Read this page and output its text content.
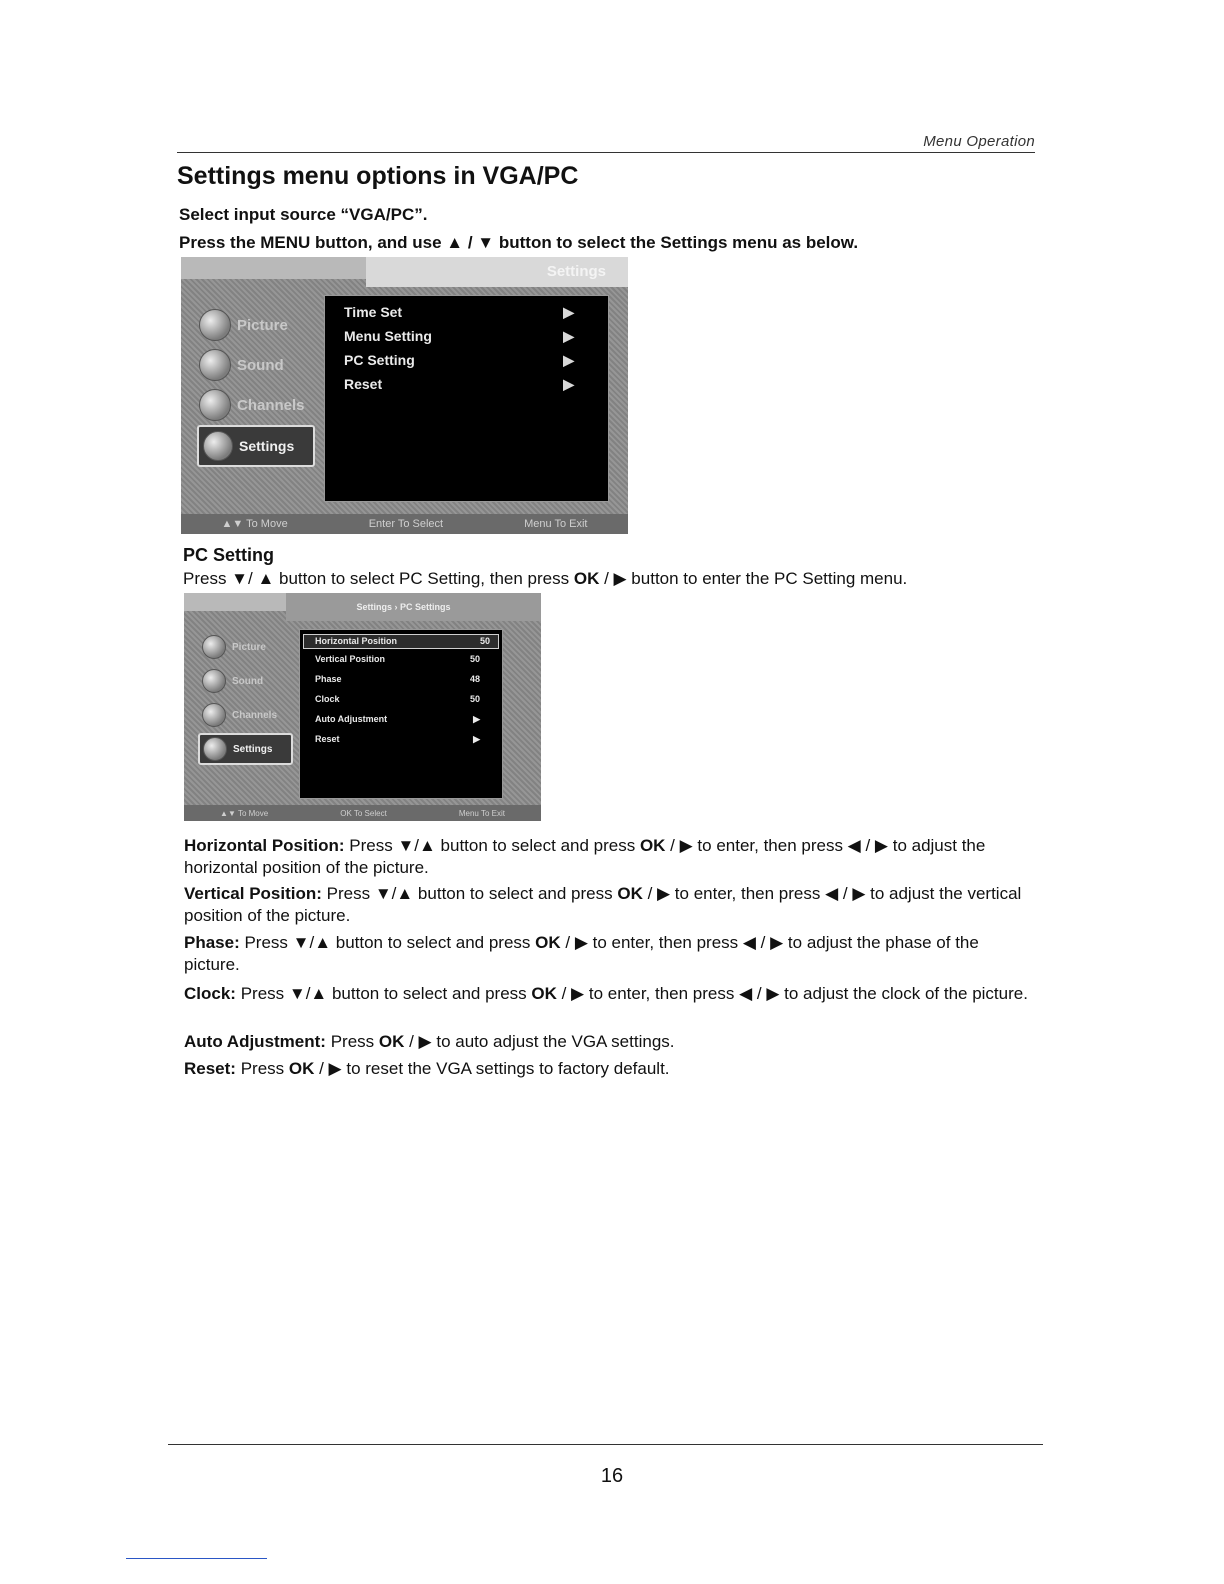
Menu Operation
Settings menu options in VGA/PC
Select input source “VGA/PC”.
Press the MENU button, and use ▲ / ▼ button to select the Settings menu as below.
Settings
Picture
Sound
Channels
Settings
Time Set	▶
Menu Setting	▶
PC Setting	▶
Reset	▶
▲▼ To Move	Enter To Select	Menu To Exit
PC Setting
Press ▼/ ▲ button to select PC Setting, then press OK / ▶ button to enter the PC Setting menu.
Settings › PC Settings
Picture
Sound
Channels
Settings
Horizontal Position	50
Vertical Position	50
Phase	48
Clock	50
Auto Adjustment	▶
Reset	▶
▲▼ To Move	OK To Select	Menu To Exit
Horizontal Position: Press ▼/▲ button to select and press OK / ▶ to enter, then press ◀ / ▶ to adjust the horizontal position of the picture.
Vertical Position: Press ▼/▲ button to select and press OK / ▶ to enter, then press ◀ / ▶ to adjust the vertical position of the picture.
Phase: Press ▼/▲ button to select and press OK / ▶ to enter, then press ◀ / ▶ to adjust the phase of the picture.
Clock: Press ▼/▲ button to select and press OK / ▶ to enter, then press ◀ / ▶ to adjust the clock of the picture.
Auto Adjustment: Press OK / ▶ to auto adjust the VGA settings.
Reset: Press OK / ▶ to reset the VGA settings to factory default.
16
